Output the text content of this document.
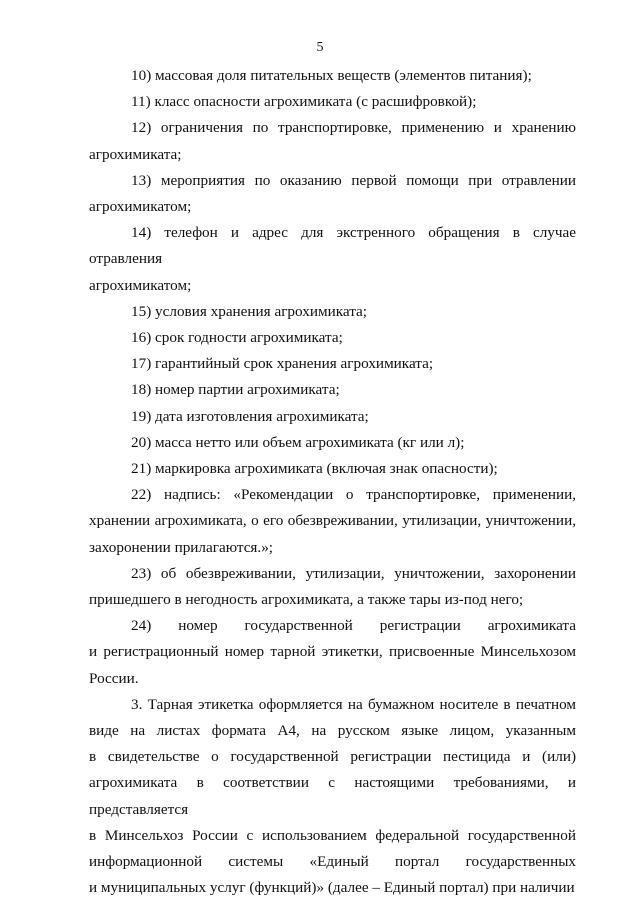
5
10) массовая доля питательных веществ (элементов питания);
11) класс опасности агрохимиката (с расшифровкой);
12) ограничения по транспортировке, применению и хранению
агрохимиката;
13) мероприятия по оказанию первой помощи при отравлении
агрохимикатом;
14) телефон и адрес для экстренного обращения в случае отравления
агрохимикатом;
15) условия хранения агрохимиката;
16) срок годности агрохимиката;
17) гарантийный срок хранения агрохимиката;
18) номер партии агрохимиката;
19) дата изготовления агрохимиката;
20) масса нетто или объем агрохимиката (кг или л);
21) маркировка агрохимиката (включая знак опасности);
22) надпись: «Рекомендации о транспортировке, применении,
хранении агрохимиката, о его обезвреживании, утилизации, уничтожении,
захоронении прилагаются.»;
23) об обезвреживании, утилизации, уничтожении, захоронении
пришедшего в негодность агрохимиката, а также тары из-под него;
24) номер государственной регистрации агрохимиката
и регистрационный номер тарной этикетки, присвоенные Минсельхозом
России.
3. Тарная этикетка оформляется на бумажном носителе в печатном
виде на листах формата А4, на русском языке лицом, указанным
в свидетельстве о государственной регистрации пестицида и (или)
агрохимиката в соответствии с настоящими требованиями, и представляется
в Минсельхоз России с использованием федеральной государственной
информационной системы «Единый портал государственных
и муниципальных услуг (функций)» (далее – Единый портал) при наличии
